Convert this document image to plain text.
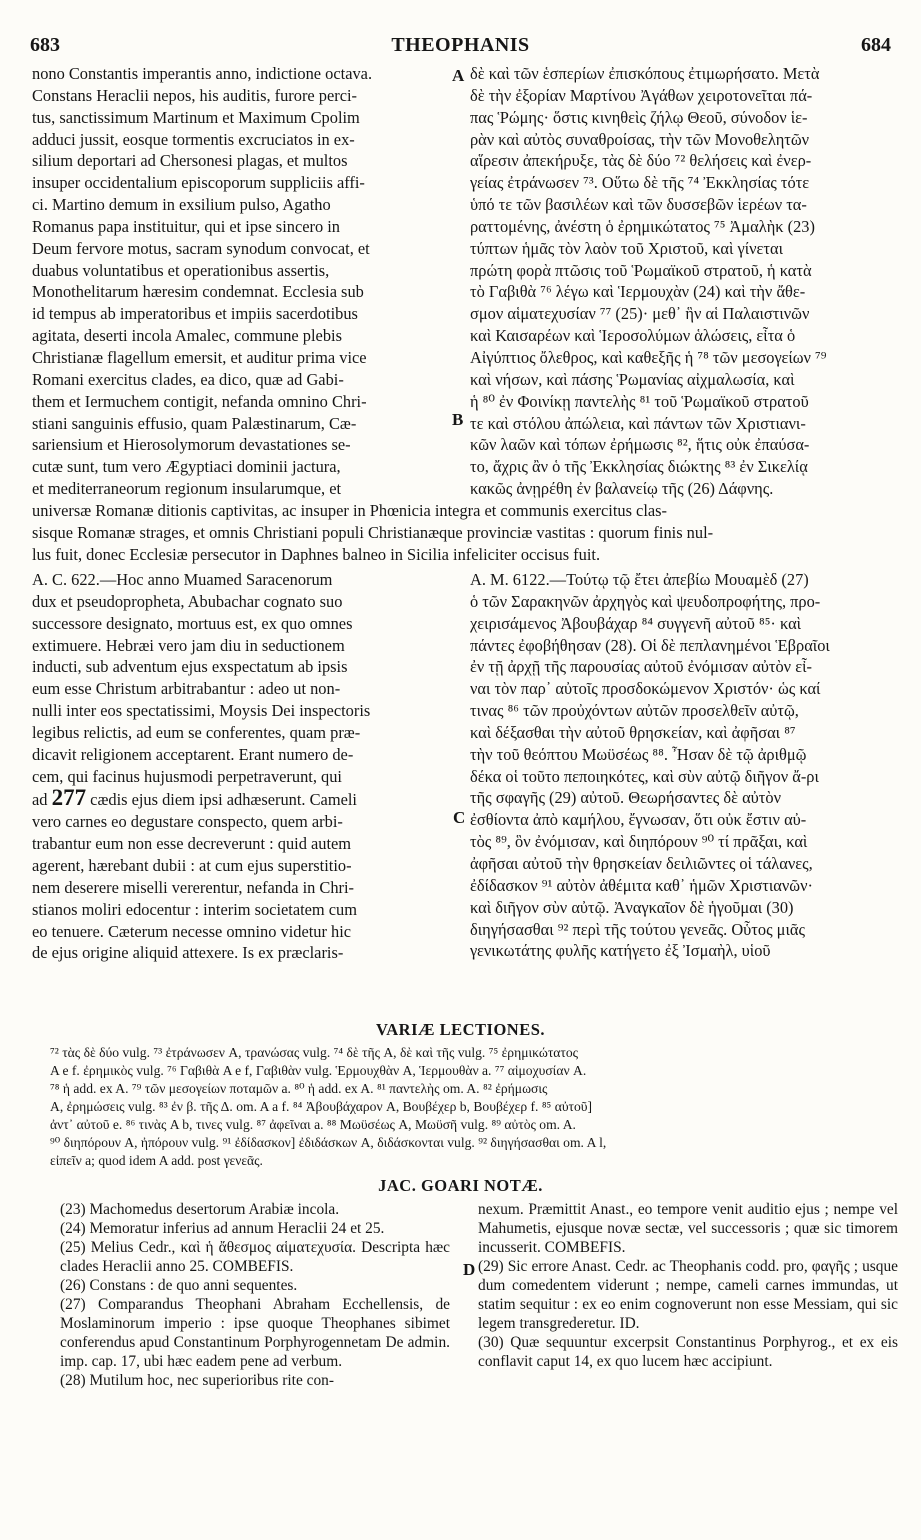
683	THEOPHANIS	684
A
B
C
D

nono Constantis imperantis anno, indictione octava.

Constans Heraclii nepos, his auditis, furore perci-

tus, sanctissimum Martinum et Maximum Cpolim

adduci jussit, eosque tormentis excruciatos in ex-

silium deportari ad Chersonesi plagas, et multos

insuper occidentalium episcoporum suppliciis affi-

ci. Martino demum in exsilium pulso, Agatho

Romanus papa instituitur, qui et ipse sincero in

Deum fervore motus, sacram synodum convocat, et

duabus voluntatibus et operationibus assertis,

Monothelitarum hæresim condemnat. Ecclesia sub

id tempus ab imperatoribus et impiis sacerdotibus

agitata, deserti incola Amalec, commune plebis

Christianæ flagellum emersit, et auditur prima vice

Romani exercitus clades, ea dico, quæ ad Gabi-

them et Iermuchem contigit, nefanda omnino Chri-

stiani sanguinis effusio, quam Palæstinarum, Cæ-

sariensium et Hierosolymorum devastationes se-

cutæ sunt, tum vero Ægyptiaci dominii jactura,

et mediterraneorum regionum insularumque, et

δὲ καὶ τῶν ἑσπερίων ἐπισκόπους ἐτιμωρήσατο. Μετὰ

δὲ τὴν ἐξορίαν Μαρτίνου Ἀγάθων χειροτονεῖται πά-

πας Ῥώμης· ὅστις κινηθεὶς ζήλῳ Θεοῦ, σύνοδον ἱε-

ρὰν καὶ αὐτὸς συναθροίσας, τὴν τῶν Μονοθελητῶν

αἵρεσιν ἀπεκήρυξε, τὰς δὲ δύο ⁷² θελήσεις καὶ ἐνερ-

γείας ἐτράνωσεν ⁷³. Οὕτω δὲ τῆς ⁷⁴ Ἐκκλησίας τότε

ὑπό τε τῶν βασιλέων καὶ τῶν δυσσεβῶν ἱερέων τα-

ραττομένης, ἀνέστη ὁ ἐρημικώτατος ⁷⁵ Ἀμαλὴκ (23)

τύπτων ἡμᾶς τὸν λαὸν τοῦ Χριστοῦ, καὶ γίνεται

πρώτη φορὰ πτῶσις τοῦ Ῥωμαϊκοῦ στρατοῦ, ἡ κατὰ

τὸ Γαβιθὰ ⁷⁶ λέγω καὶ Ἱερμουχὰν (24) καὶ τὴν ἄθε-

σμον αἱματεχυσίαν ⁷⁷ (25)· μεθ᾽ ἣν αἱ Παλαιστινῶν

καὶ Καισαρέων καὶ Ἱεροσολύμων ἁλώσεις, εἶτα ὁ

Αἰγύπτιος ὄλεθρος, καὶ καθεξῆς ἡ ⁷⁸ τῶν μεσογείων ⁷⁹

καὶ νήσων, καὶ πάσης Ῥωμανίας αἰχμαλωσία, καὶ

ἡ ⁸⁰ ἐν Φοινίκῃ παντελὴς ⁸¹ τοῦ Ῥωμαϊκοῦ στρατοῦ

τε καὶ στόλου ἀπώλεια, καὶ πάντων τῶν Χριστιανι-

κῶν λαῶν καὶ τόπων ἐρήμωσις ⁸², ἥτις οὐκ ἐπαύσα-

το, ἄχρις ἂν ὁ τῆς Ἐκκλησίας διώκτης ⁸³ ἐν Σικελίᾳ

κακῶς ἀνῃρέθη ἐν βαλανείῳ τῆς (26) Δάφνης.

universæ Romanæ ditionis captivitas, ac insuper in Phœnicia integra et communis exercitus clas-

sisque Romanæ strages, et omnis Christiani populi Christianæque provinciæ vastitas : quorum finis nul-

lus fuit, donec Ecclesiæ persecutor in Daphnes balneo in Sicilia infeliciter occisus fuit.

A. C. 622.—Hoc anno Muamed Saracenorum

dux et pseudopropheta, Abubachar cognato suo

successore designato, mortuus est, ex quo omnes

extimuere. Hebræi vero jam diu in seductionem

inducti, sub adventum ejus exspectatum ab ipsis

eum esse Christum arbitrabantur : adeo ut non-

nulli inter eos spectatissimi, Moysis Dei inspectoris

legibus relictis, ad eum se conferentes, quam præ-

dicavit religionem acceptarent. Erant numero de-

cem, qui facinus hujusmodi perpetraverunt, qui

ad 277 cædis ejus diem ipsi adhæserunt. Cameli

vero carnes eo degustare conspecto, quem arbi-

trabantur eum non esse decreverunt : quid autem

agerent, hærebant dubii : at cum ejus superstitio-

nem deserere miselli vererentur, nefanda in Chri-

stianos moliri edocentur : interim societatem cum

eo tenuere. Cæterum necesse omnino videtur hic

de ejus origine aliquid attexere. Is ex præclaris-

A. M. 6122.—Τούτῳ τῷ ἔτει ἀπεβίω Μουαμὲδ (27)

ὁ τῶν Σαρακηνῶν ἀρχηγὸς καὶ ψευδοπροφήτης, προ-

χειρισάμενος Ἀβουβάχαρ ⁸⁴ συγγενῆ αὐτοῦ ⁸⁵· καὶ

πάντες ἐφοβήθησαν (28). Οἱ δὲ πεπλανημένοι Ἑβραῖοι

ἐν τῇ ἀρχῇ τῆς παρουσίας αὐτοῦ ἐνόμισαν αὐτὸν εἶ-

ναι τὸν παρ᾽ αὐτοῖς προσδοκώμενον Χριστόν· ὡς καί

τινας ⁸⁶ τῶν προὐχόντων αὐτῶν προσελθεῖν αὐτῷ,

καὶ δέξασθαι τὴν αὐτοῦ θρησκείαν, καὶ ἀφῆσαι ⁸⁷

τὴν τοῦ θεόπτου Μωϋσέως ⁸⁸. Ἦσαν δὲ τῷ ἀριθμῷ

δέκα οἱ τοῦτο πεποιηκότες, καὶ σὺν αὐτῷ διῆγον ἄ-ρι

τῆς σφαγῆς (29) αὐτοῦ. Θεωρήσαντες δὲ αὐτὸν

ἐσθίοντα ἀπὸ καμήλου, ἔγνωσαν, ὅτι οὐκ ἔστιν αὐ-

τὸς ⁸⁹, ὃν ἐνόμισαν, καὶ διηπόρουν ⁹⁰ τί πρᾶξαι, καὶ

ἀφῆσαι αὐτοῦ τὴν θρησκείαν δειλιῶντες οἱ τάλανες,

ἐδίδασκον ⁹¹ αὐτὸν ἀθέμιτα καθ᾽ ἡμῶν Χριστιανῶν·

καὶ διῆγον σὺν αὐτῷ. Ἀναγκαῖον δὲ ἡγοῦμαι (30)

διηγήσασθαι ⁹² περὶ τῆς τούτου γενεᾶς. Οὗτος μιᾶς

γενικωτάτης φυλῆς κατήγετο ἐξ Ἰσμαὴλ, υἱοῦ

VARIÆ LECTIONES.

⁷² τὰς δὲ δύο vulg. ⁷³ ἐτράνωσεν A, τρανώσας vulg. ⁷⁴ δὲ τῆς A, δὲ καὶ τῆς vulg. ⁷⁵ ἐρημικώτατος

A e f. ἐρημικὸς vulg. ⁷⁶ Γαβιθὰ A e f, Γαβιθὰν vulg. Ἑρμουχθὰν A, Ἱερμουθὰν a. ⁷⁷ αἱμοχυσίαν A.

⁷⁸ ἡ add. ex A. ⁷⁹ τῶν μεσογείων ποταμῶν a. ⁸⁰ ἡ add. ex A. ⁸¹ παντελὴς om. A. ⁸² ἐρήμωσις

A, ἐρημώσεις vulg. ⁸³ ἐν β. τῆς Δ. om. A a f. ⁸⁴ Ἀβουβάχαρον A, Βουβέχερ b, Βουβέχερ f. ⁸⁵ αὐτοῦ]

ἀντ᾽ αὐτοῦ e. ⁸⁶ τινὰς A b, τινες vulg. ⁸⁷ ἀφεῖναι a. ⁸⁸ Μωϋσέως A, Μωϋσῆ vulg. ⁸⁹ αὐτὸς om. A.

⁹⁰ διηπόρουν A, ἠπόρουν vulg. ⁹¹ ἐδίδασκον] ἐδιδάσκων A, διδάσκονται vulg. ⁹² διηγήσασθαι om. A l,

εἰπεῖν a; quod idem A add. post γενεᾶς.

JAC. GOARI NOTÆ.

(23) Machomedus desertorum Arabiæ incola.

(24) Memoratur inferius ad annum Heraclii 24 et 25.

(25) Melius Cedr., καὶ ἡ ἄθεσμος αἱματεχυσία. Descripta hæc clades Heraclii anno 25. COMBEFIS.

(26) Constans : de quo anni sequentes.

(27) Comparandus Theophani Abraham Ecchellensis, de Moslaminorum imperio : ipse quoque Theophanes sibimet conferendus apud Constantinum Porphyrogennetam De admin. imp. cap. 17, ubi hæc eadem pene ad verbum.

(28) Mutilum hoc, nec superioribus rite con-

nexum. Præmittit Anast., eo tempore venit auditio ejus ; nempe vel Mahumetis, ejusque novæ sectæ, vel successoris ; quæ sic timorem incusserit. COMBEFIS.

(29) Sic errore Anast. Cedr. ac Theophanis codd. pro, φαγῆς ; usque dum comedentem viderunt ; nempe, cameli carnes immundas, ut statim sequitur : ex eo enim cognoverunt non esse Messiam, qui sic legem transgrederetur. ID.

(30) Quæ sequuntur excerpsit Constantinus Porphyrog., et ex eis conflavit caput 14, ex quo lucem hæc accipiunt.
